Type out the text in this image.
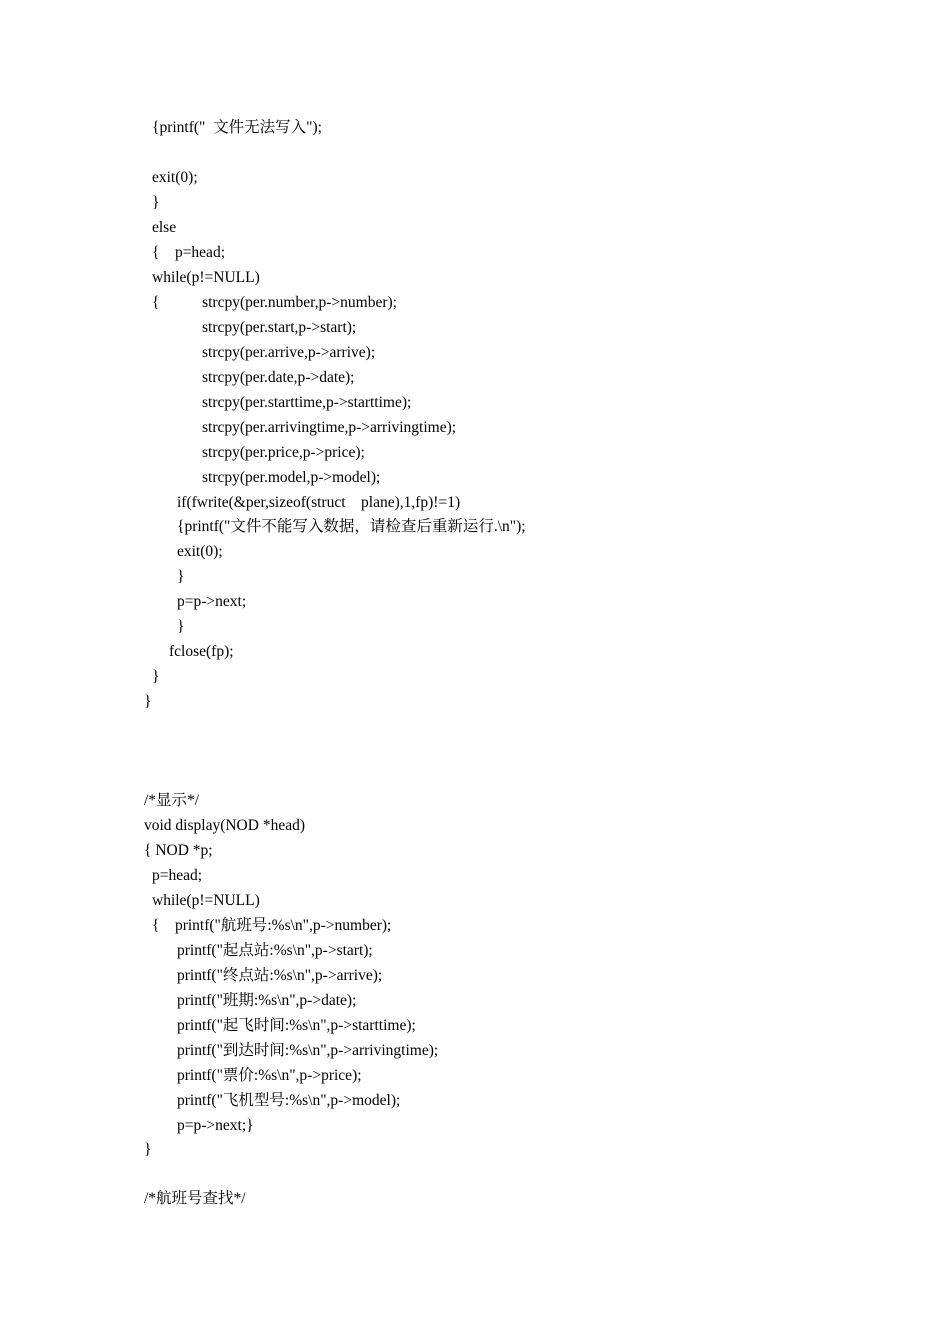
{printf("  文件无法写入");
exit(0);
}
else
{    p=head;
while(p!=NULL)
{           strcpy(per.number,p->number);
strcpy(per.start,p->start);
strcpy(per.arrive,p->arrive);
strcpy(per.date,p->date);
strcpy(per.starttime,p->starttime);
strcpy(per.arrivingtime,p->arrivingtime);
strcpy(per.price,p->price);
strcpy(per.model,p->model);
if(fwrite(&per,sizeof(struct    plane),1,fp)!=1)
{printf("文件不能写入数据，请检查后重新运行.\n");
exit(0);
}
p=p->next;
}
fclose(fp);
}
}
/*显示*/
void display(NOD *head)
{ NOD *p;
p=head;
while(p!=NULL)
{    printf("航班号:%s\n",p->number);
printf("起点站:%s\n",p->start);
printf("终点站:%s\n",p->arrive);
printf("班期:%s\n",p->date);
printf("起飞时间:%s\n",p->starttime);
printf("到达时间:%s\n",p->arrivingtime);
printf("票价:%s\n",p->price);
printf("飞机型号:%s\n",p->model);
p=p->next;}
}
/*航班号查找*/
